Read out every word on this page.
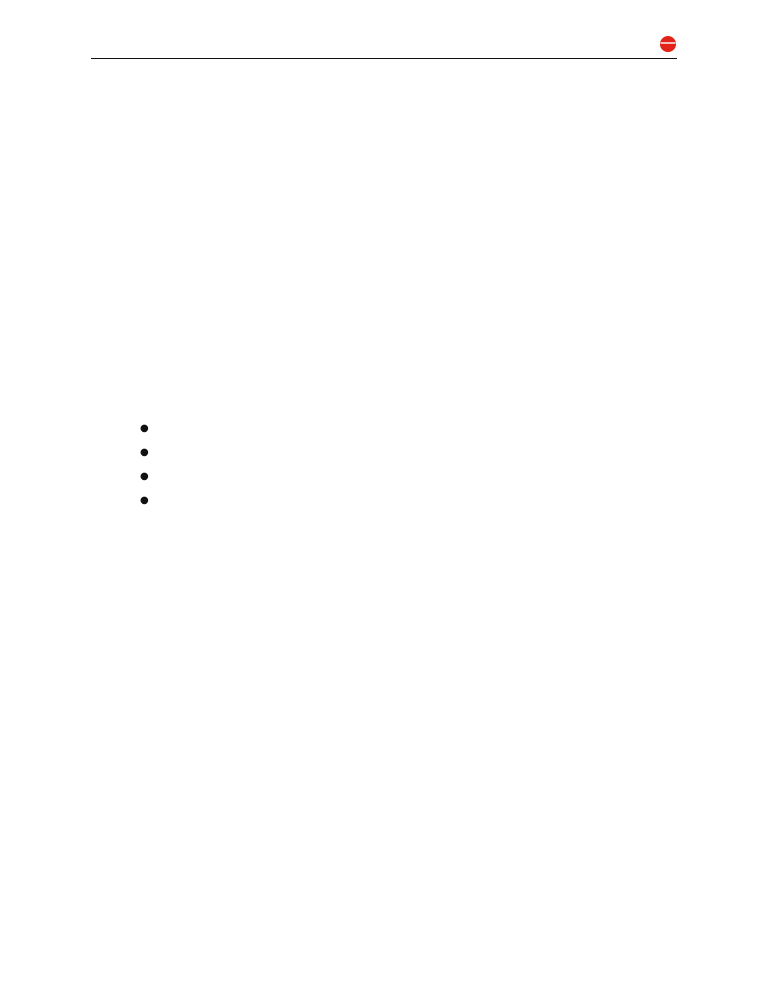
●
●
●
●
